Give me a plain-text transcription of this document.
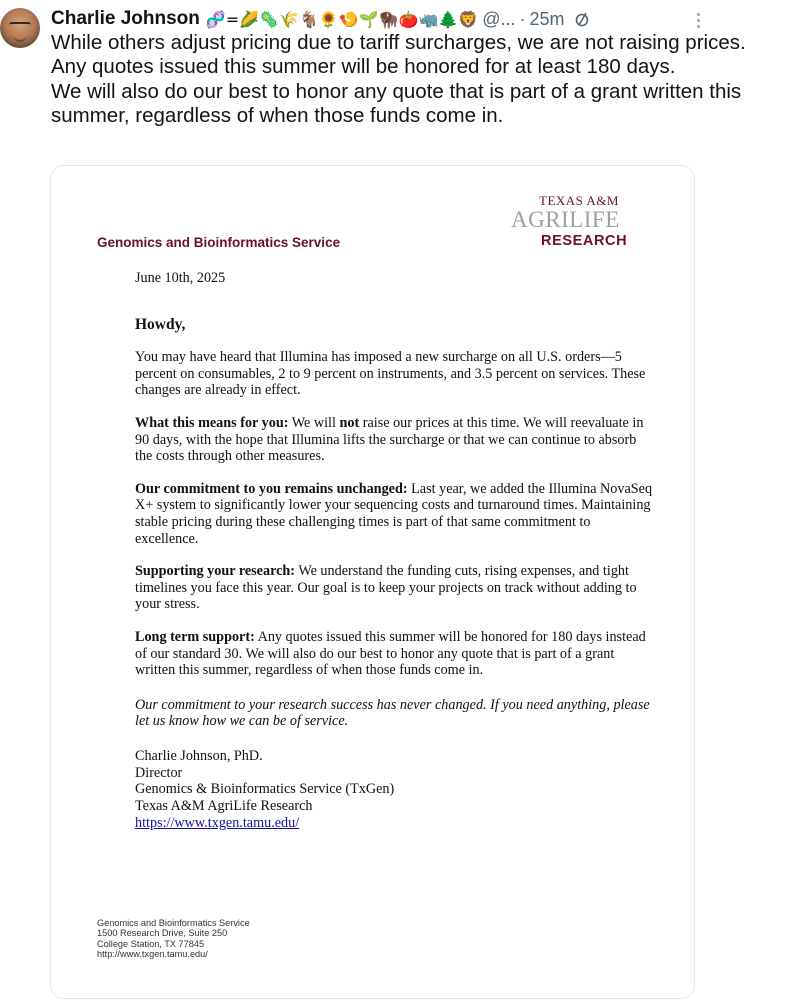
Charlie Johnson 🧬=🌽🦠🌾🐐🌻🍤🌱🦬🍅🦏🌲🦁 @... · 25m

While others adjust pricing due to tariff surcharges, we are not raising prices.

Any quotes issued this summer will be honored for at least 180 days.

We will also do our best to honor any quote that is part of a grant written this summer, regardless of when those funds come in.

TEXAS A&M
AGRILIFE
RESEARCH
Genomics and Bioinformatics Service
June 10th, 2025
Howdy,
You may have heard that Illumina has imposed a new surcharge on all U.S. orders—5 percent on consumables, 2 to 9 percent on instruments, and 3.5 percent on services. These changes are already in effect.
What this means for you: We will not raise our prices at this time. We will reevaluate in 90 days, with the hope that Illumina lifts the surcharge or that we can continue to absorb the costs through other measures.
Our commitment to you remains unchanged: Last year, we added the Illumina NovaSeq X+ system to significantly lower your sequencing costs and turnaround times. Maintaining stable pricing during these challenging times is part of that same commitment to excellence.
Supporting your research: We understand the funding cuts, rising expenses, and tight timelines you face this year. Our goal is to keep your projects on track without adding to your stress.
Long term support: Any quotes issued this summer will be honored for 180 days instead of our standard 30. We will also do our best to honor any quote that is part of a grant written this summer, regardless of when those funds come in.
Our commitment to your research success has never changed. If you need anything, please let us know how we can be of service.
Charlie Johnson, PhD.
Director
Genomics & Bioinformatics Service (TxGen)
Texas A&M AgriLife Research
https://www.txgen.tamu.edu/
Genomics and Bioinformatics Service
1500 Research Drive, Suite 250
College Station, TX 77845
http://www.txgen.tamu.edu/
